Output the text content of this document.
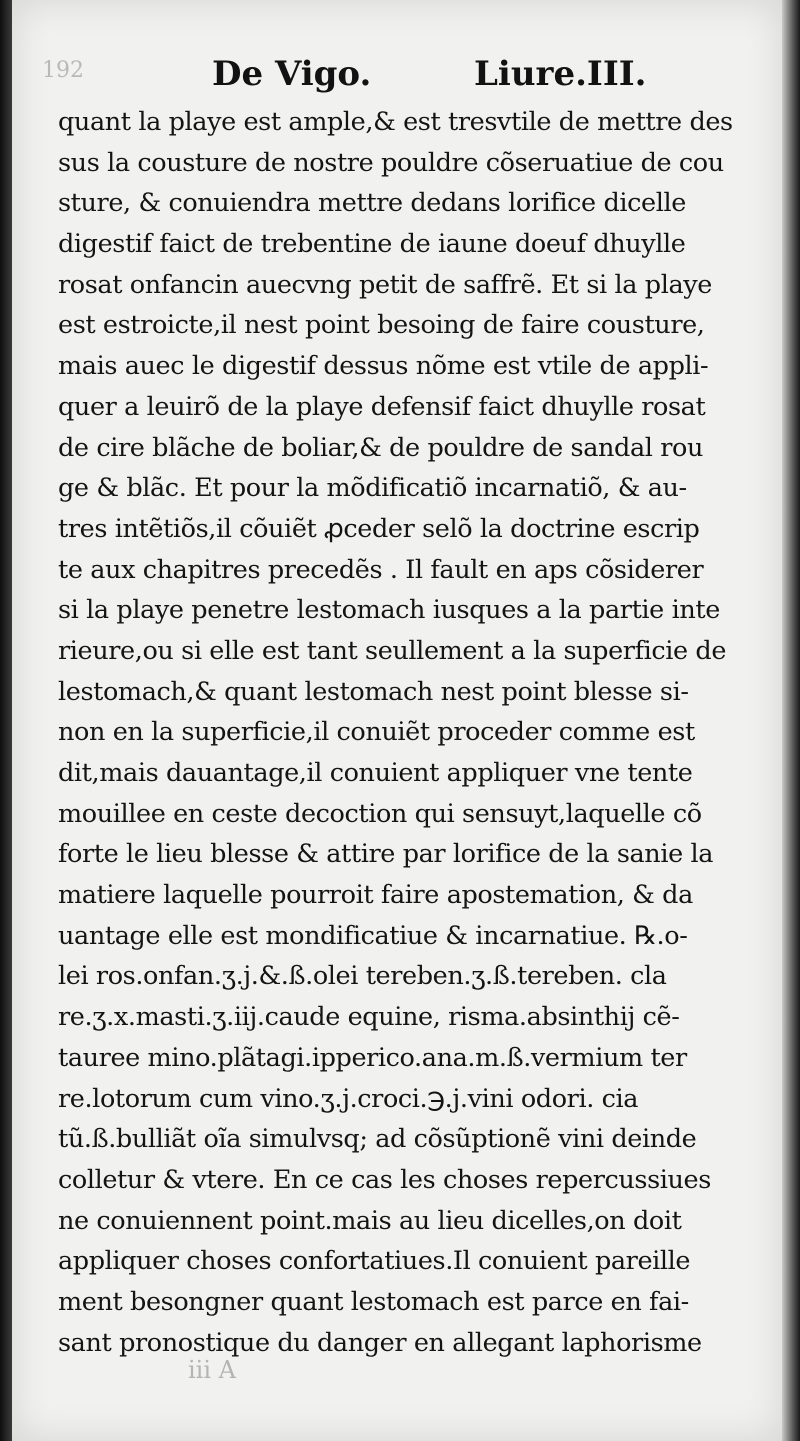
192	De Vigo.	Liure.III.
quant la playe est ample,& est tresvtile de mettre des
sus la cousture de nostre pouldre cõseruatiue de cou
sture, & conuiendra mettre dedans lorifice dicelle
digestif faict de trebentine de iaune doeuf dhuylle
rosat onfancin auecvng petit de saffrẽ. Et si la playe
est estroicte,il nest point besoing de faire cousture,
mais auec le digestif dessus nõme est vtile de appli-
quer a leuirõ de la playe defensif faict dhuylle rosat
de cire blãche de boliar,& de pouldre de sandal rou
ge & blãc. Et pour la mõdificatiõ incarnatiõ, & au-
tres intẽtiõs,il cõuiẽt ꝓceder selõ la doctrine escrip
te aux chapitres precedẽs . Il fault en aps cõsiderer
si la playe penetre lestomach iusques a la partie inte
rieure,ou si elle est tant seullement a la superficie de
lestomach,& quant lestomach nest point blesse si-
non en la superficie,il conuiẽt proceder comme est
dit,mais dauantage,il conuient appliquer vne tente
mouillee en ceste decoction qui sensuyt,laquelle cõ
forte le lieu blesse & attire par lorifice de la sanie la
matiere laquelle pourroit faire apostemation, & da
uantage elle est mondificatiue & incarnatiue. ℞.o-
lei ros.onfan.ʒ.j.&.ß.olei tereben.ʒ.ß.tereben. cla
re.ʒ.x.masti.ʒ.iij.caude equine, risma.absinthij cẽ-
tauree mino.plãtagi.ipperico.ana.m.ß.vermium ter
re.lotorum cum vino.ʒ.j.croci.℈.j.vini odori. cia
tũ.ß.bulliãt oĩa simulvsq; ad cõsũptionẽ vini deinde
colletur & vtere. En ce cas les choses repercussiues
ne conuiennent point.mais au lieu dicelles,on doit
appliquer choses confortatiues.Il conuient pareille
ment besongner quant lestomach est parce en fai-
sant pronostique du danger en allegant laphorisme
iii A
